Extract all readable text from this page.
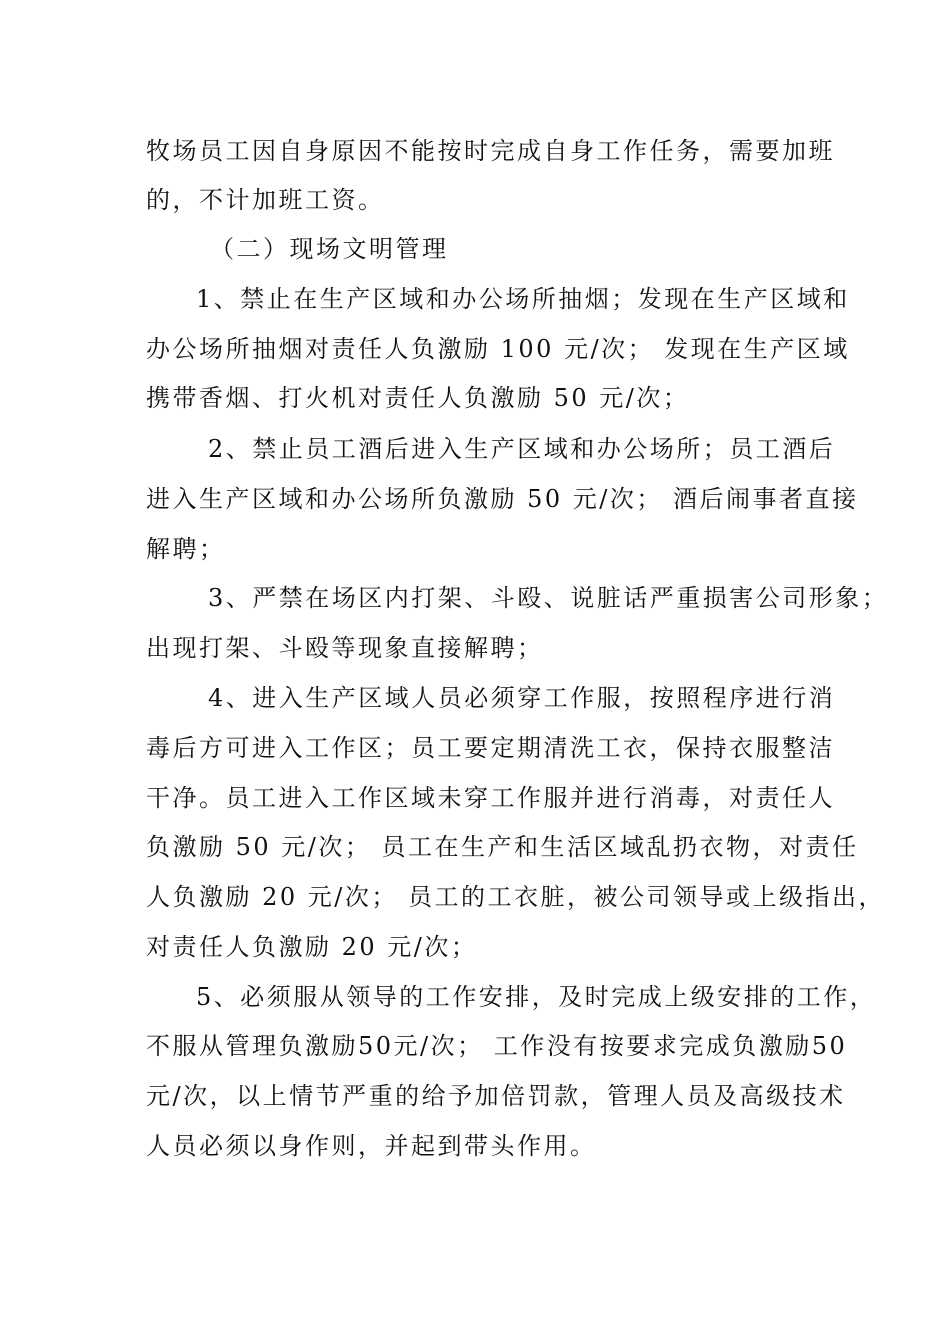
牧场员工因自身原因不能按时完成自身工作任务，需要加班
的，不计加班工资。
（二）现场文明管理
1、禁止在生产区域和办公场所抽烟；发现在生产区域和
办公场所抽烟对责任人负激励 100 元/次； 发现在生产区域
携带香烟、打火机对责任人负激励 50 元/次；
2、禁止员工酒后进入生产区域和办公场所；员工酒后
进入生产区域和办公场所负激励 50 元/次； 酒后闹事者直接
解聘；
3、严禁在场区内打架、斗殴、说脏话严重损害公司形象；
出现打架、斗殴等现象直接解聘；
4、进入生产区域人员必须穿工作服，按照程序进行消
毒后方可进入工作区；员工要定期清洗工衣，保持衣服整洁
干净。员工进入工作区域未穿工作服并进行消毒，对责任人
负激励 50 元/次； 员工在生产和生活区域乱扔衣物，对责任
人负激励 20 元/次； 员工的工衣脏，被公司领导或上级指出，
对责任人负激励 20 元/次；
5、必须服从领导的工作安排，及时完成上级安排的工作，
不服从管理负激励50元/次； 工作没有按要求完成负激励50
元/次，以上情节严重的给予加倍罚款，管理人员及高级技术
人员必须以身作则，并起到带头作用。
